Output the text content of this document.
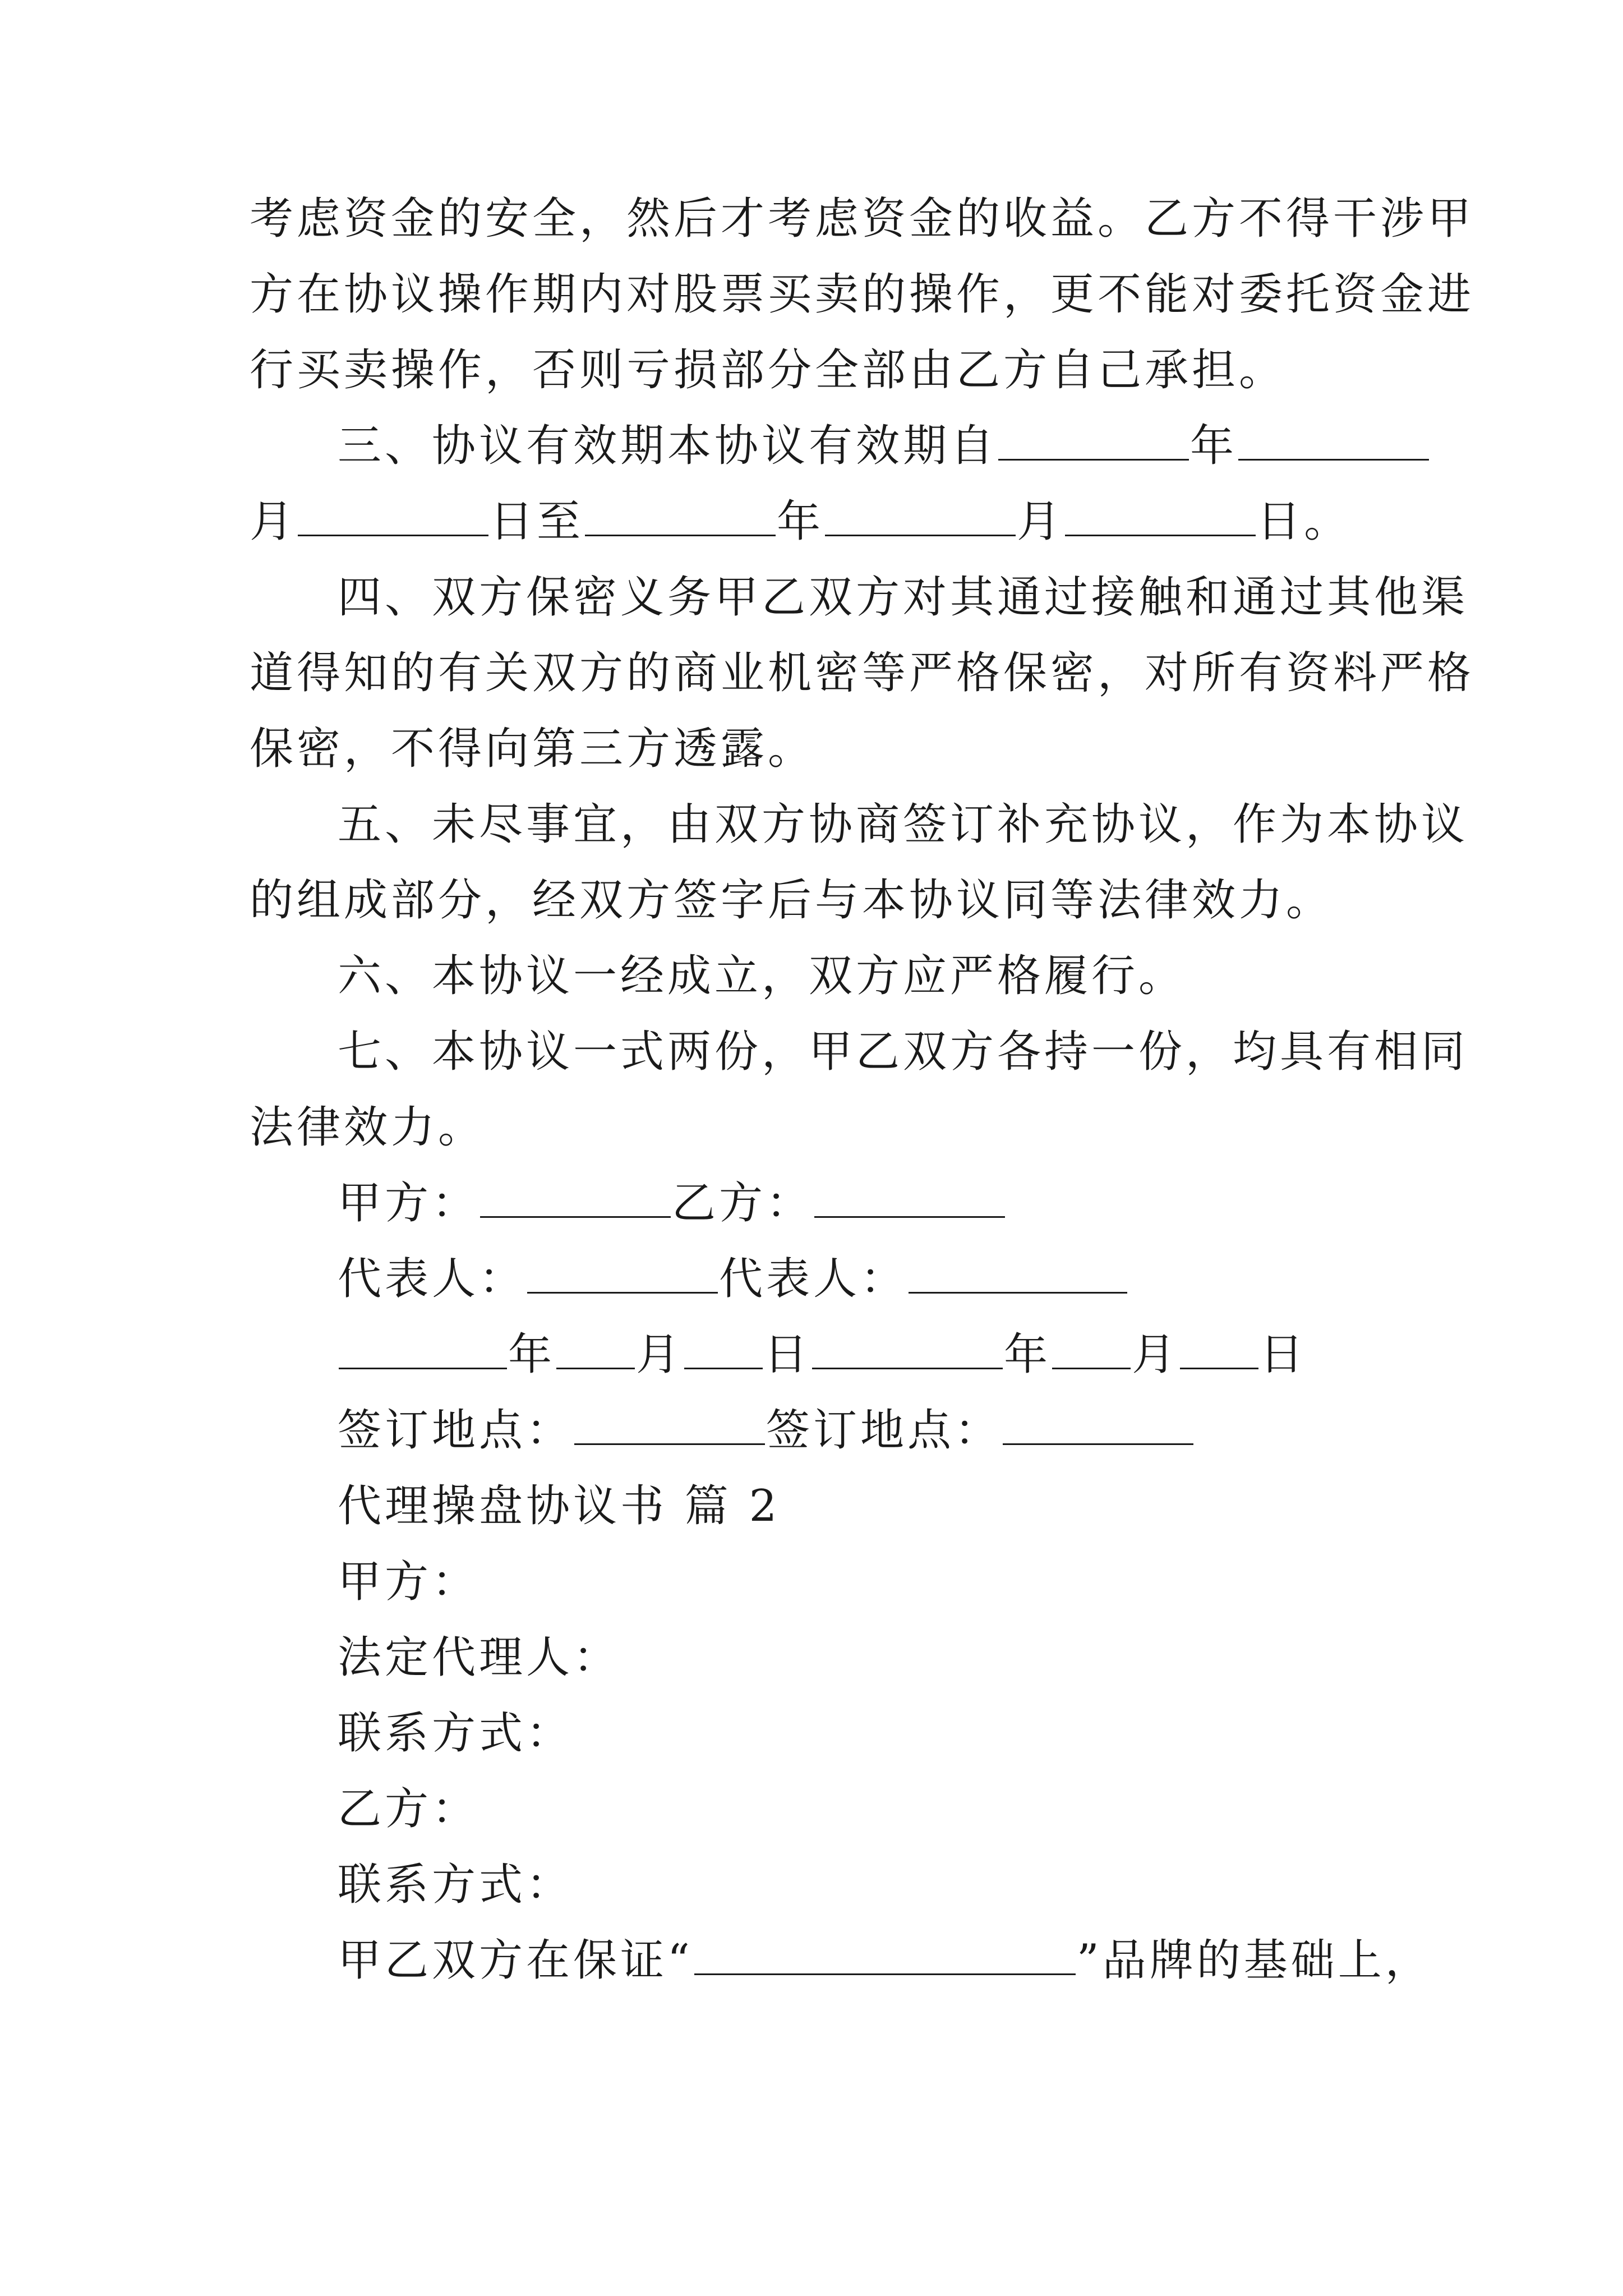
考虑资金的安全，然后才考虑资金的收益。乙方不得干涉甲
方在协议操作期内对股票买卖的操作，更不能对委托资金进
行买卖操作，否则亏损部分全部由乙方自己承担。
三、协议有效期本协议有效期自	年
月	日至	年	月	日。
四、双方保密义务甲乙双方对其通过接触和通过其他渠
道得知的有关双方的商业机密等严格保密，对所有资料严格
保密，不得向第三方透露。
五、未尽事宜，由双方协商签订补充协议，作为本协议
的组成部分，经双方签字后与本协议同等法律效力。
六、本协议一经成立，双方应严格履行。
七、本协议一式两份，甲乙双方各持一份，均具有相同
法律效力。
甲方：	乙方：
代表人：	代表人：
年 月 日	年 月 日
签订地点：	签订地点：
代理操盘协议书 篇 2
甲方：
法定代理人：
联系方式：
乙方：
联系方式：
甲乙双方在保证“	”品牌的基础上，
